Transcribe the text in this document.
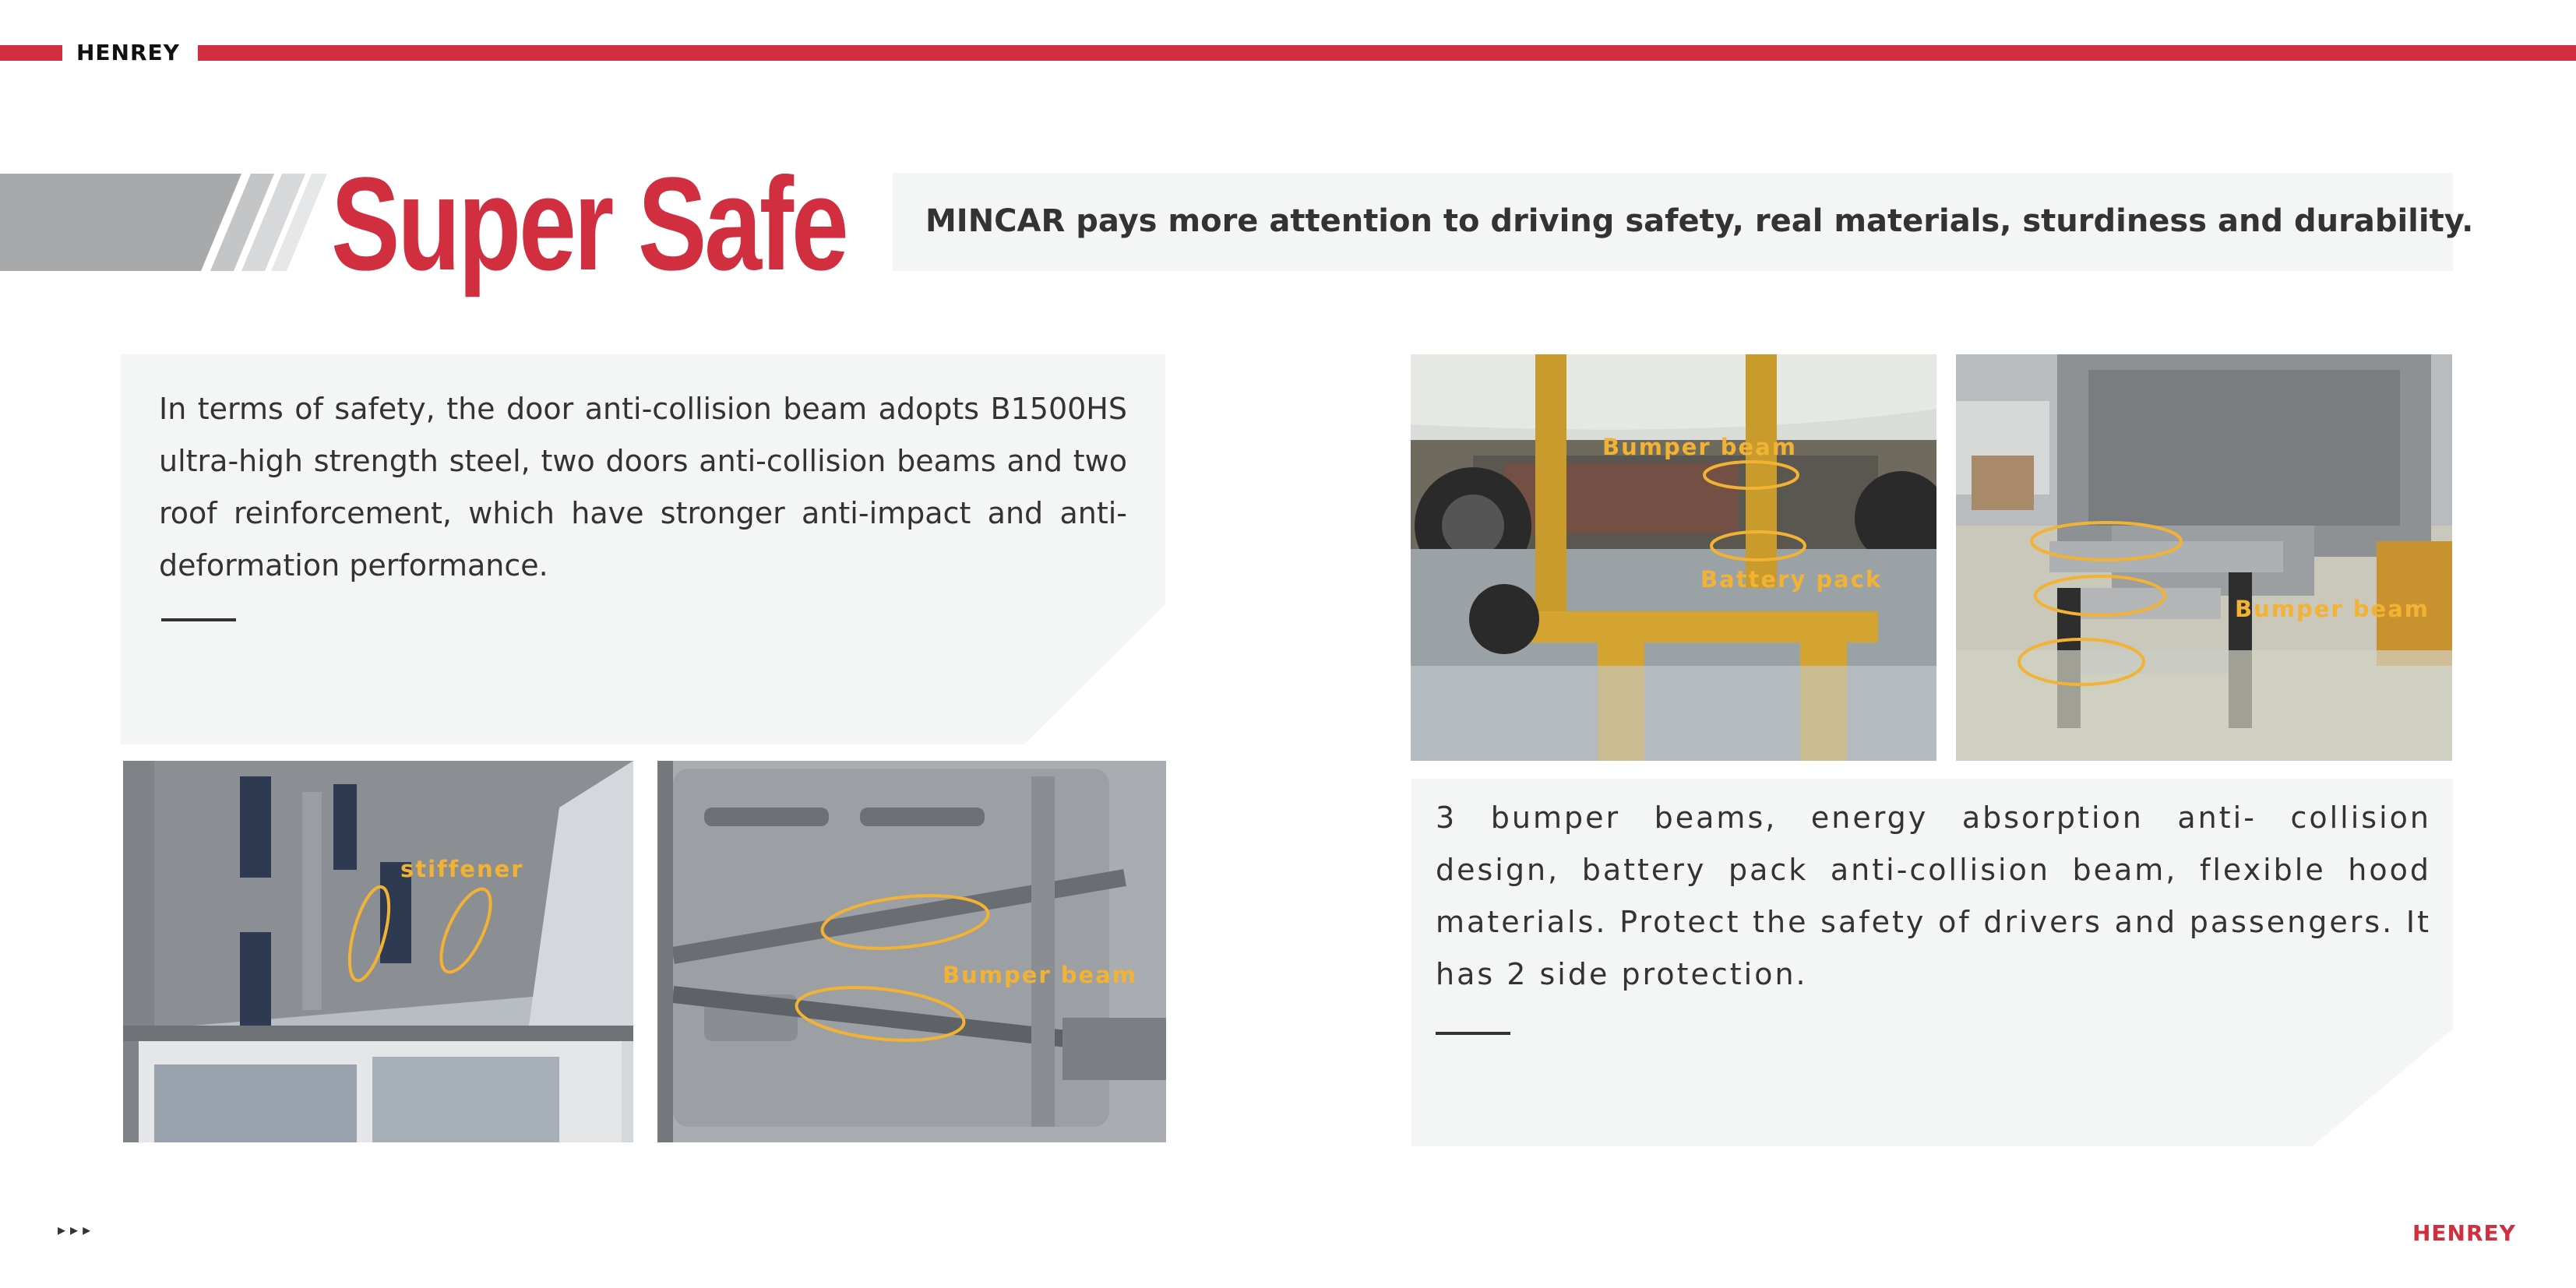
HENREY
Super Safe	MINCAR pays more attention to driving safety, real materials, sturdiness and durability.
In terms of safety, the door anti-collision beam adopts B1500HS ultra-high strength steel, two doors anti-collision beams and two roof reinforcement, which have stronger anti-impact and anti-deformation performance.
3 bumper beams, energy absorption anti- collision design, battery pack anti-collision beam, flexible hood materials. Protect the safety of drivers and passengers. It has 2 side protection.
Bumper beam
Battery pack
Bumper beam
stiffener
Bumper beam
▸▸▸	HENREY
